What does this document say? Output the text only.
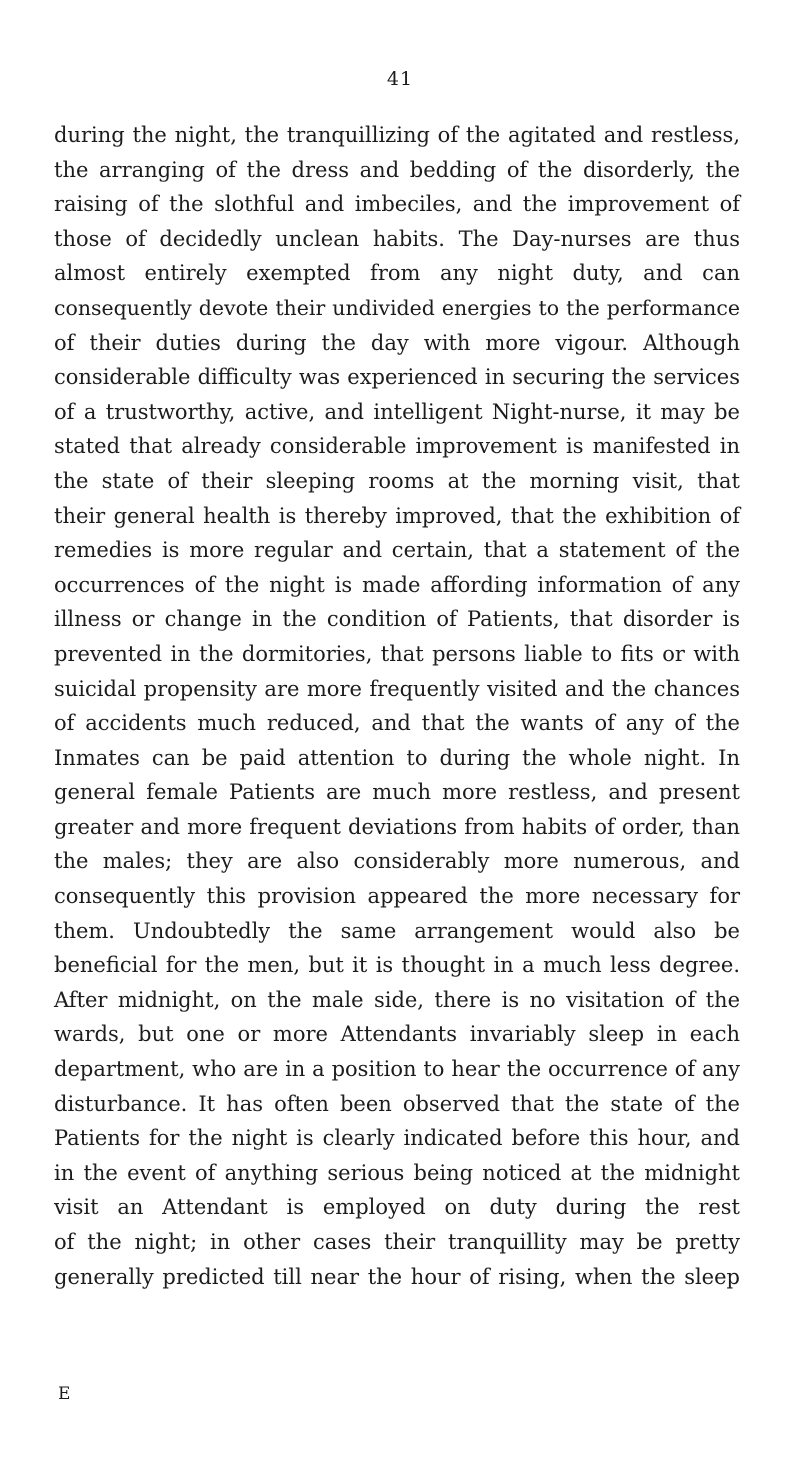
41
during the night, the tranquillizing of the agitated and restless,
the arranging of the dress and bedding of the disorderly, the
raising of the slothful and imbeciles, and the improvement of
those of decidedly unclean habits. The Day-nurses are thus
almost entirely exempted from any night duty, and can
consequently devote their undivided energies to the performance
of their duties during the day with more vigour. Although
considerable difficulty was experienced in securing the services
of a trustworthy, active, and intelligent Night-nurse, it may be
stated that already considerable improvement is manifested in
the state of their sleeping rooms at the morning visit, that
their general health is thereby improved, that the exhibition of
remedies is more regular and certain, that a statement of the
occurrences of the night is made affording information of any
illness or change in the condition of Patients, that disorder is
prevented in the dormitories, that persons liable to fits or with
suicidal propensity are more frequently visited and the chances
of accidents much reduced, and that the wants of any of the
Inmates can be paid attention to during the whole night. In
general female Patients are much more restless, and present
greater and more frequent deviations from habits of order, than
the males; they are also considerably more numerous, and
consequently this provision appeared the more necessary for
them. Undoubtedly the same arrangement would also be
beneficial for the men, but it is thought in a much less degree.
After midnight, on the male side, there is no visitation of the
wards, but one or more Attendants invariably sleep in each
department, who are in a position to hear the occurrence of any
disturbance. It has often been observed that the state of the
Patients for the night is clearly indicated before this hour, and
in the event of anything serious being noticed at the midnight
visit an Attendant is employed on duty during the rest
of the night; in other cases their tranquillity may be pretty
generally predicted till near the hour of rising, when the sleep
E
